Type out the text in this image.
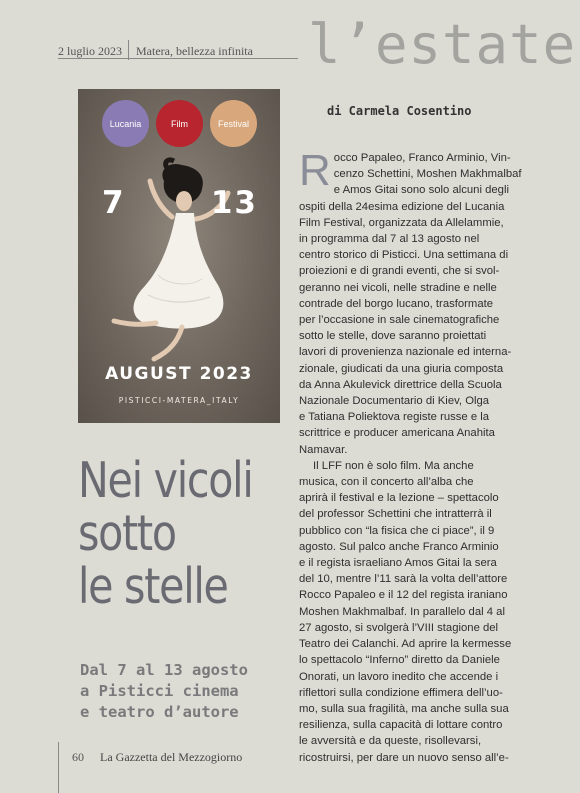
2 luglio 2023 Matera, bellezza infinita l’estate
Lucania	Film	Festival
7	13
AUGUST 2023
PISTICCI-MATERA_ITALY
Nei vicoli
sotto
le stelle
Dal 7 al 13 agosto
a Pisticci cinema
e teatro d’autore
di Carmela Cosentino
R occo Papaleo, Franco Arminio, Vin-
cenzo Schettini, Moshen Makhmalbaf
e Amos Gitai sono solo alcuni degli
ospiti della 24esima edizione del Lucania
Film Festival, organizzata da Allelammie,
in programma dal 7 al 13 agosto nel
centro storico di Pisticci. Una settimana di
proiezioni e di grandi eventi, che si svol-
geranno nei vicoli, nelle stradine e nelle
contrade del borgo lucano, trasformate
per l’occasione in sale cinematografiche
sotto le stelle, dove saranno proiettati
lavori di provenienza nazionale ed interna-
zionale, giudicati da una giuria composta
da Anna Akulevick direttrice della Scuola
Nazionale Documentario di Kiev, Olga
e Tatiana Poliektova registe russe e la
scrittrice e producer americana Anahita
Namavar.
Il LFF non è solo film. Ma anche
musica, con il concerto all’alba che
aprirà il festival e la lezione – spettacolo
del professor Schettini che intratterrà il
pubblico con “la fisica che ci piace”, il 9
agosto. Sul palco anche Franco Arminio
e il regista israeliano Amos Gitai la sera
del 10, mentre l’11 sarà la volta dell’attore
Rocco Papaleo e il 12 del regista iraniano
Moshen Makhmalbaf. In parallelo dal 4 al
27 agosto, si svolgerà l’VIII stagione del
Teatro dei Calanchi. Ad aprire la kermesse
lo spettacolo “Inferno” diretto da Daniele
Onorati, un lavoro inedito che accende i
riflettori sulla condizione effimera dell’uo-
mo, sulla sua fragilità, ma anche sulla sua
resilienza, sulla capacità di lottare contro
le avversità e da queste, risollevarsi,
ricostruirsi, per dare un nuovo senso all’e-
60 La Gazzetta del Mezzogiorno
